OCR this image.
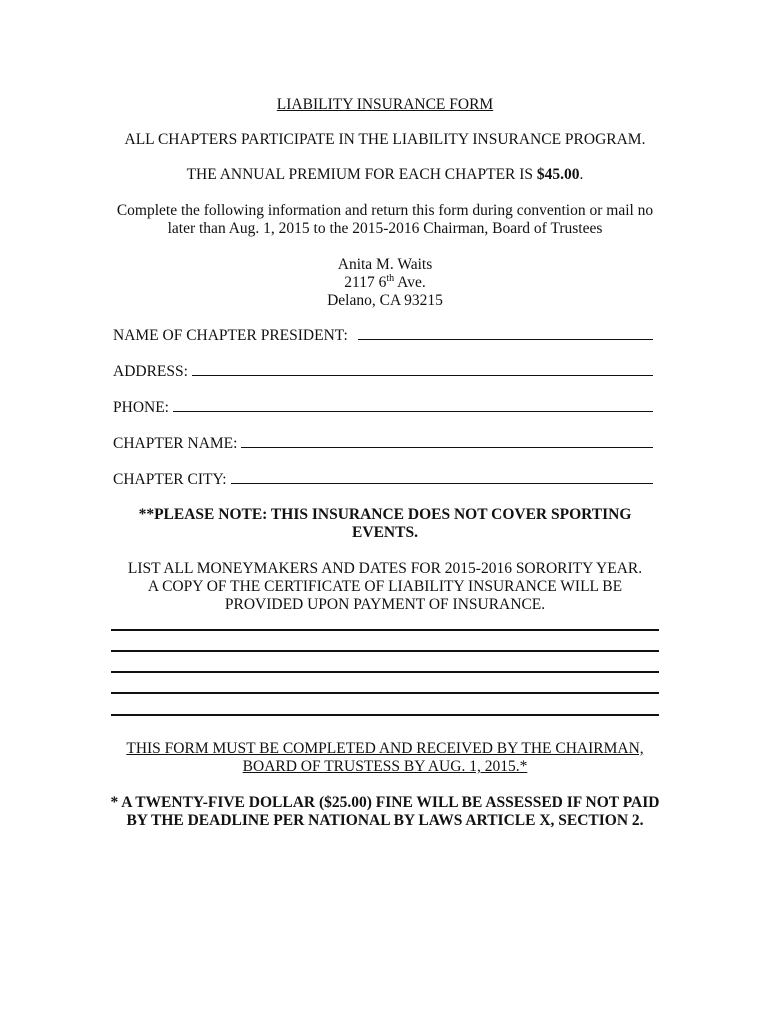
LIABILITY INSURANCE FORM
ALL CHAPTERS PARTICIPATE IN THE LIABILITY INSURANCE PROGRAM.
THE ANNUAL PREMIUM FOR EACH CHAPTER IS $45.00.
Complete the following information and return this form during convention or mail no
later than Aug. 1, 2015 to the 2015-2016 Chairman, Board of Trustees
Anita M. Waits
2117 6th Ave.
Delano, CA 93215
NAME OF CHAPTER PRESIDENT:
ADDRESS:
PHONE:
CHAPTER NAME:
CHAPTER CITY:
**PLEASE NOTE: THIS INSURANCE DOES NOT COVER SPORTING
EVENTS.
LIST ALL MONEYMAKERS AND DATES FOR 2015-2016 SORORITY YEAR.
A COPY OF THE CERTIFICATE OF LIABILITY INSURANCE WILL BE
PROVIDED UPON PAYMENT OF INSURANCE.
THIS FORM MUST BE COMPLETED AND RECEIVED BY THE CHAIRMAN,
BOARD OF TRUSTESS BY AUG. 1, 2015.*
* A TWENTY-FIVE DOLLAR ($25.00) FINE WILL BE ASSESSED IF NOT PAID
BY THE DEADLINE PER NATIONAL BY LAWS ARTICLE X, SECTION 2.
